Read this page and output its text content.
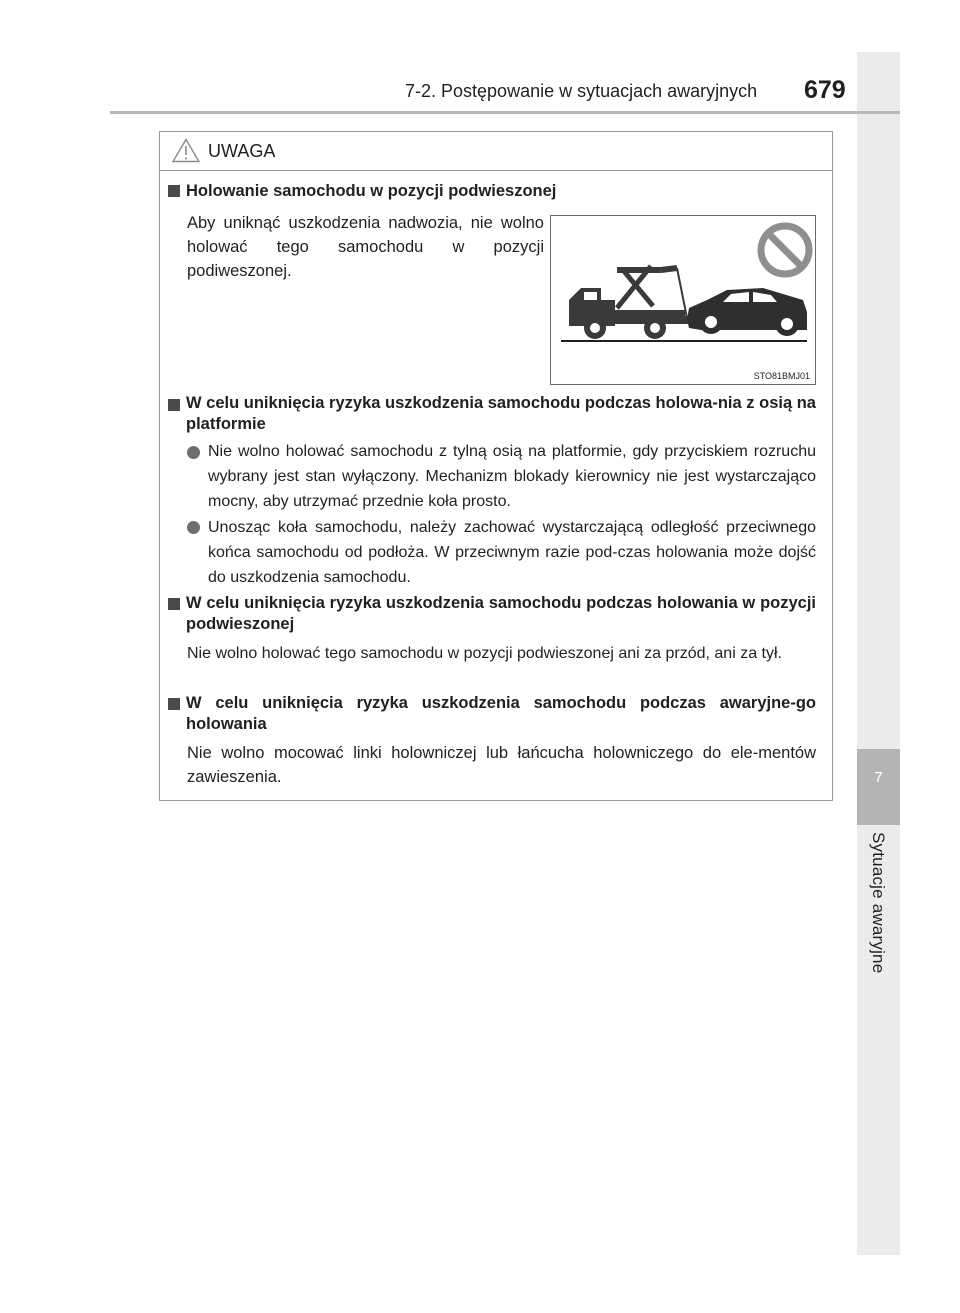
7
Sytuacje awaryjne
7-2. Postępowanie w sytuacjach awaryjnych 679
UWAGA
Holowanie samochodu w pozycji podwieszonej
Aby uniknąć uszkodzenia nadwozia, nie wolno holować tego samochodu w pozycji podiweszonej.
STO81BMJ01
W celu uniknięcia ryzyka uszkodzenia samochodu podczas holowa-nia z osią na platformie
Nie wolno holować samochodu z tylną osią na platformie, gdy przyciskiem rozruchu wybrany jest stan wyłączony. Mechanizm blokady kierownicy nie jest wystarczająco mocny, aby utrzymać przednie koła prosto.
Unosząc koła samochodu, należy zachować wystarczającą odległość przeciwnego końca samochodu od podłoża. W przeciwnym razie pod-czas holowania może dojść do uszkodzenia samochodu.
W celu uniknięcia ryzyka uszkodzenia samochodu podczas holowania w pozycji podwieszonej
Nie wolno holować tego samochodu w pozycji podwieszonej ani za przód, ani za tył.
W celu uniknięcia ryzyka uszkodzenia samochodu podczas awaryjne-go holowania
Nie wolno mocować linki holowniczej lub łańcucha holowniczego do ele-mentów zawieszenia.
